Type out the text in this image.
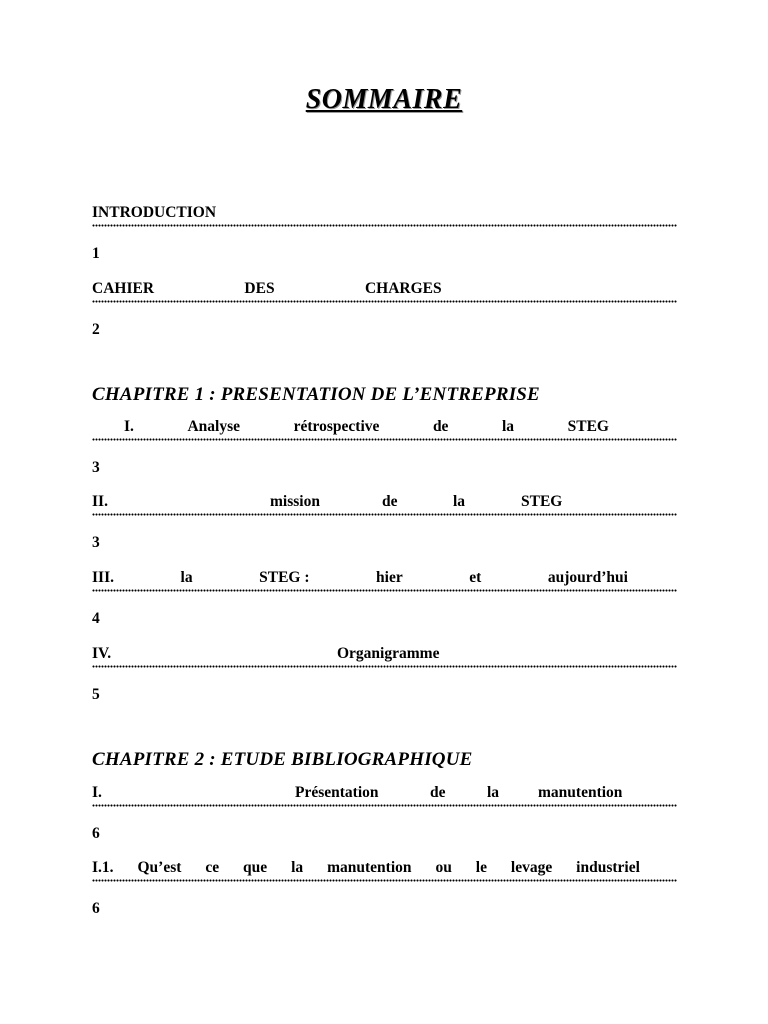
SOMMAIRE
INTRODUCTION
1
CAHIER	DES	CHARGES
2
CHAPITRE 1 : PRESENTATION DE L’ENTREPRISE
I.	Analyse	rétrospective	de	la	STEG
3
II.	mission	de	la	STEG
3
III.	la	STEG :	hier	et	aujourd’hui
4
IV.	Organigramme
5
CHAPITRE 2 : ETUDE BIBLIOGRAPHIQUE
I.	Présentation	de	la	manutention
6
I.1. Qu’est ce que la manutention ou le levage industriel
6
